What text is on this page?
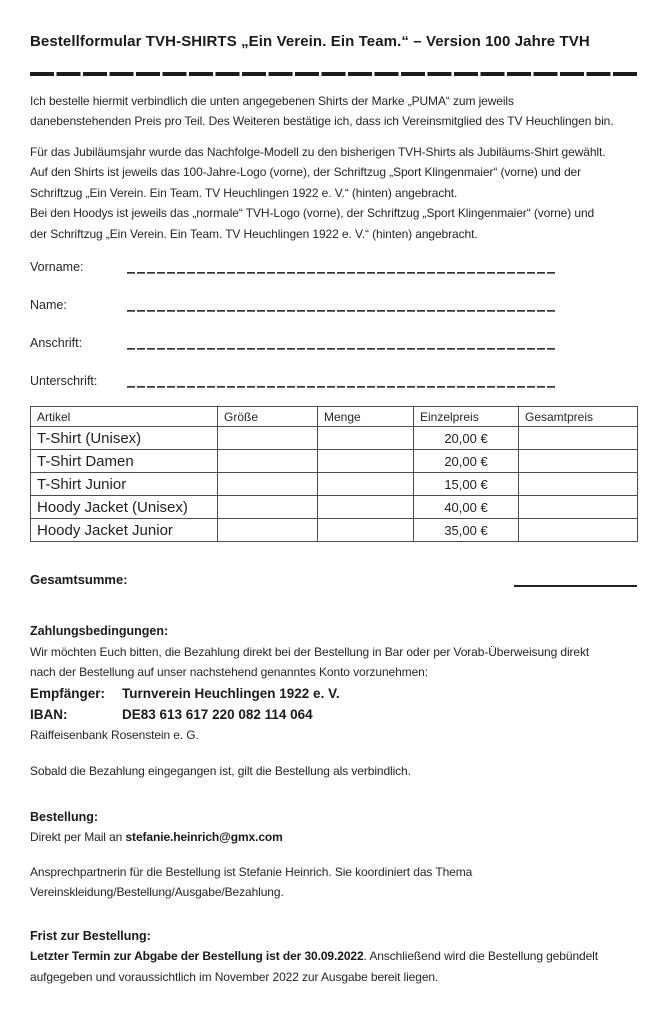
Bestellformular TVH-SHIRTS „Ein Verein. Ein Team.“ – Version 100 Jahre TVH
Ich bestelle hiermit verbindlich die unten angegebenen Shirts der Marke „PUMA“ zum jeweils
danebenstehenden Preis pro Teil. Des Weiteren bestätige ich, dass ich Vereinsmitglied des TV Heuchlingen bin.
Für das Jubiläumsjahr wurde das Nachfolge-Modell zu den bisherigen TVH-Shirts als Jubiläums-Shirt gewählt.
Auf den Shirts ist jeweils das 100-Jahre-Logo (vorne), der Schriftzug „Sport Klingenmaier“ (vorne) und der
Schriftzug „Ein Verein. Ein Team. TV Heuchlingen 1922 e. V.“ (hinten) angebracht.
Bei den Hoodys ist jeweils das „normale“ TVH-Logo (vorne), der Schriftzug „Sport Klingenmaier“ (vorne) und
der Schriftzug „Ein Verein. Ein Team. TV Heuchlingen 1922 e. V.“ (hinten) angebracht.
Vorname:
Name:
Anschrift:
Unterschrift:
Artikel	Größe	Menge	Einzelpreis	Gesamtpreis
T-Shirt (Unisex)			20,00 €	
T-Shirt Damen			20,00 €	
T-Shirt Junior			15,00 €	
Hoody Jacket (Unisex)			40,00 €	
Hoody Jacket Junior			35,00 €	
Gesamtsumme:
Zahlungsbedingungen:
Wir möchten Euch bitten, die Bezahlung direkt bei der Bestellung in Bar oder per Vorab-Überweisung direkt
nach der Bestellung auf unser nachstehend genanntes Konto vorzunehmen:
Empfänger:	Turnverein Heuchlingen 1922 e. V.
IBAN:	DE83 613 617 220 082 114 064
Raiffeisenbank Rosenstein e. G.
Sobald die Bezahlung eingegangen ist, gilt die Bestellung als verbindlich.
Bestellung:
Direkt per Mail an stefanie.heinrich@gmx.com
Ansprechpartnerin für die Bestellung ist Stefanie Heinrich. Sie koordiniert das Thema
Vereinskleidung/Bestellung/Ausgabe/Bezahlung.
Frist zur Bestellung:
Letzter Termin zur Abgabe der Bestellung ist der 30.09.2022. Anschließend wird die Bestellung gebündelt aufgegeben und voraussichtlich im November 2022 zur Ausgabe bereit liegen.
